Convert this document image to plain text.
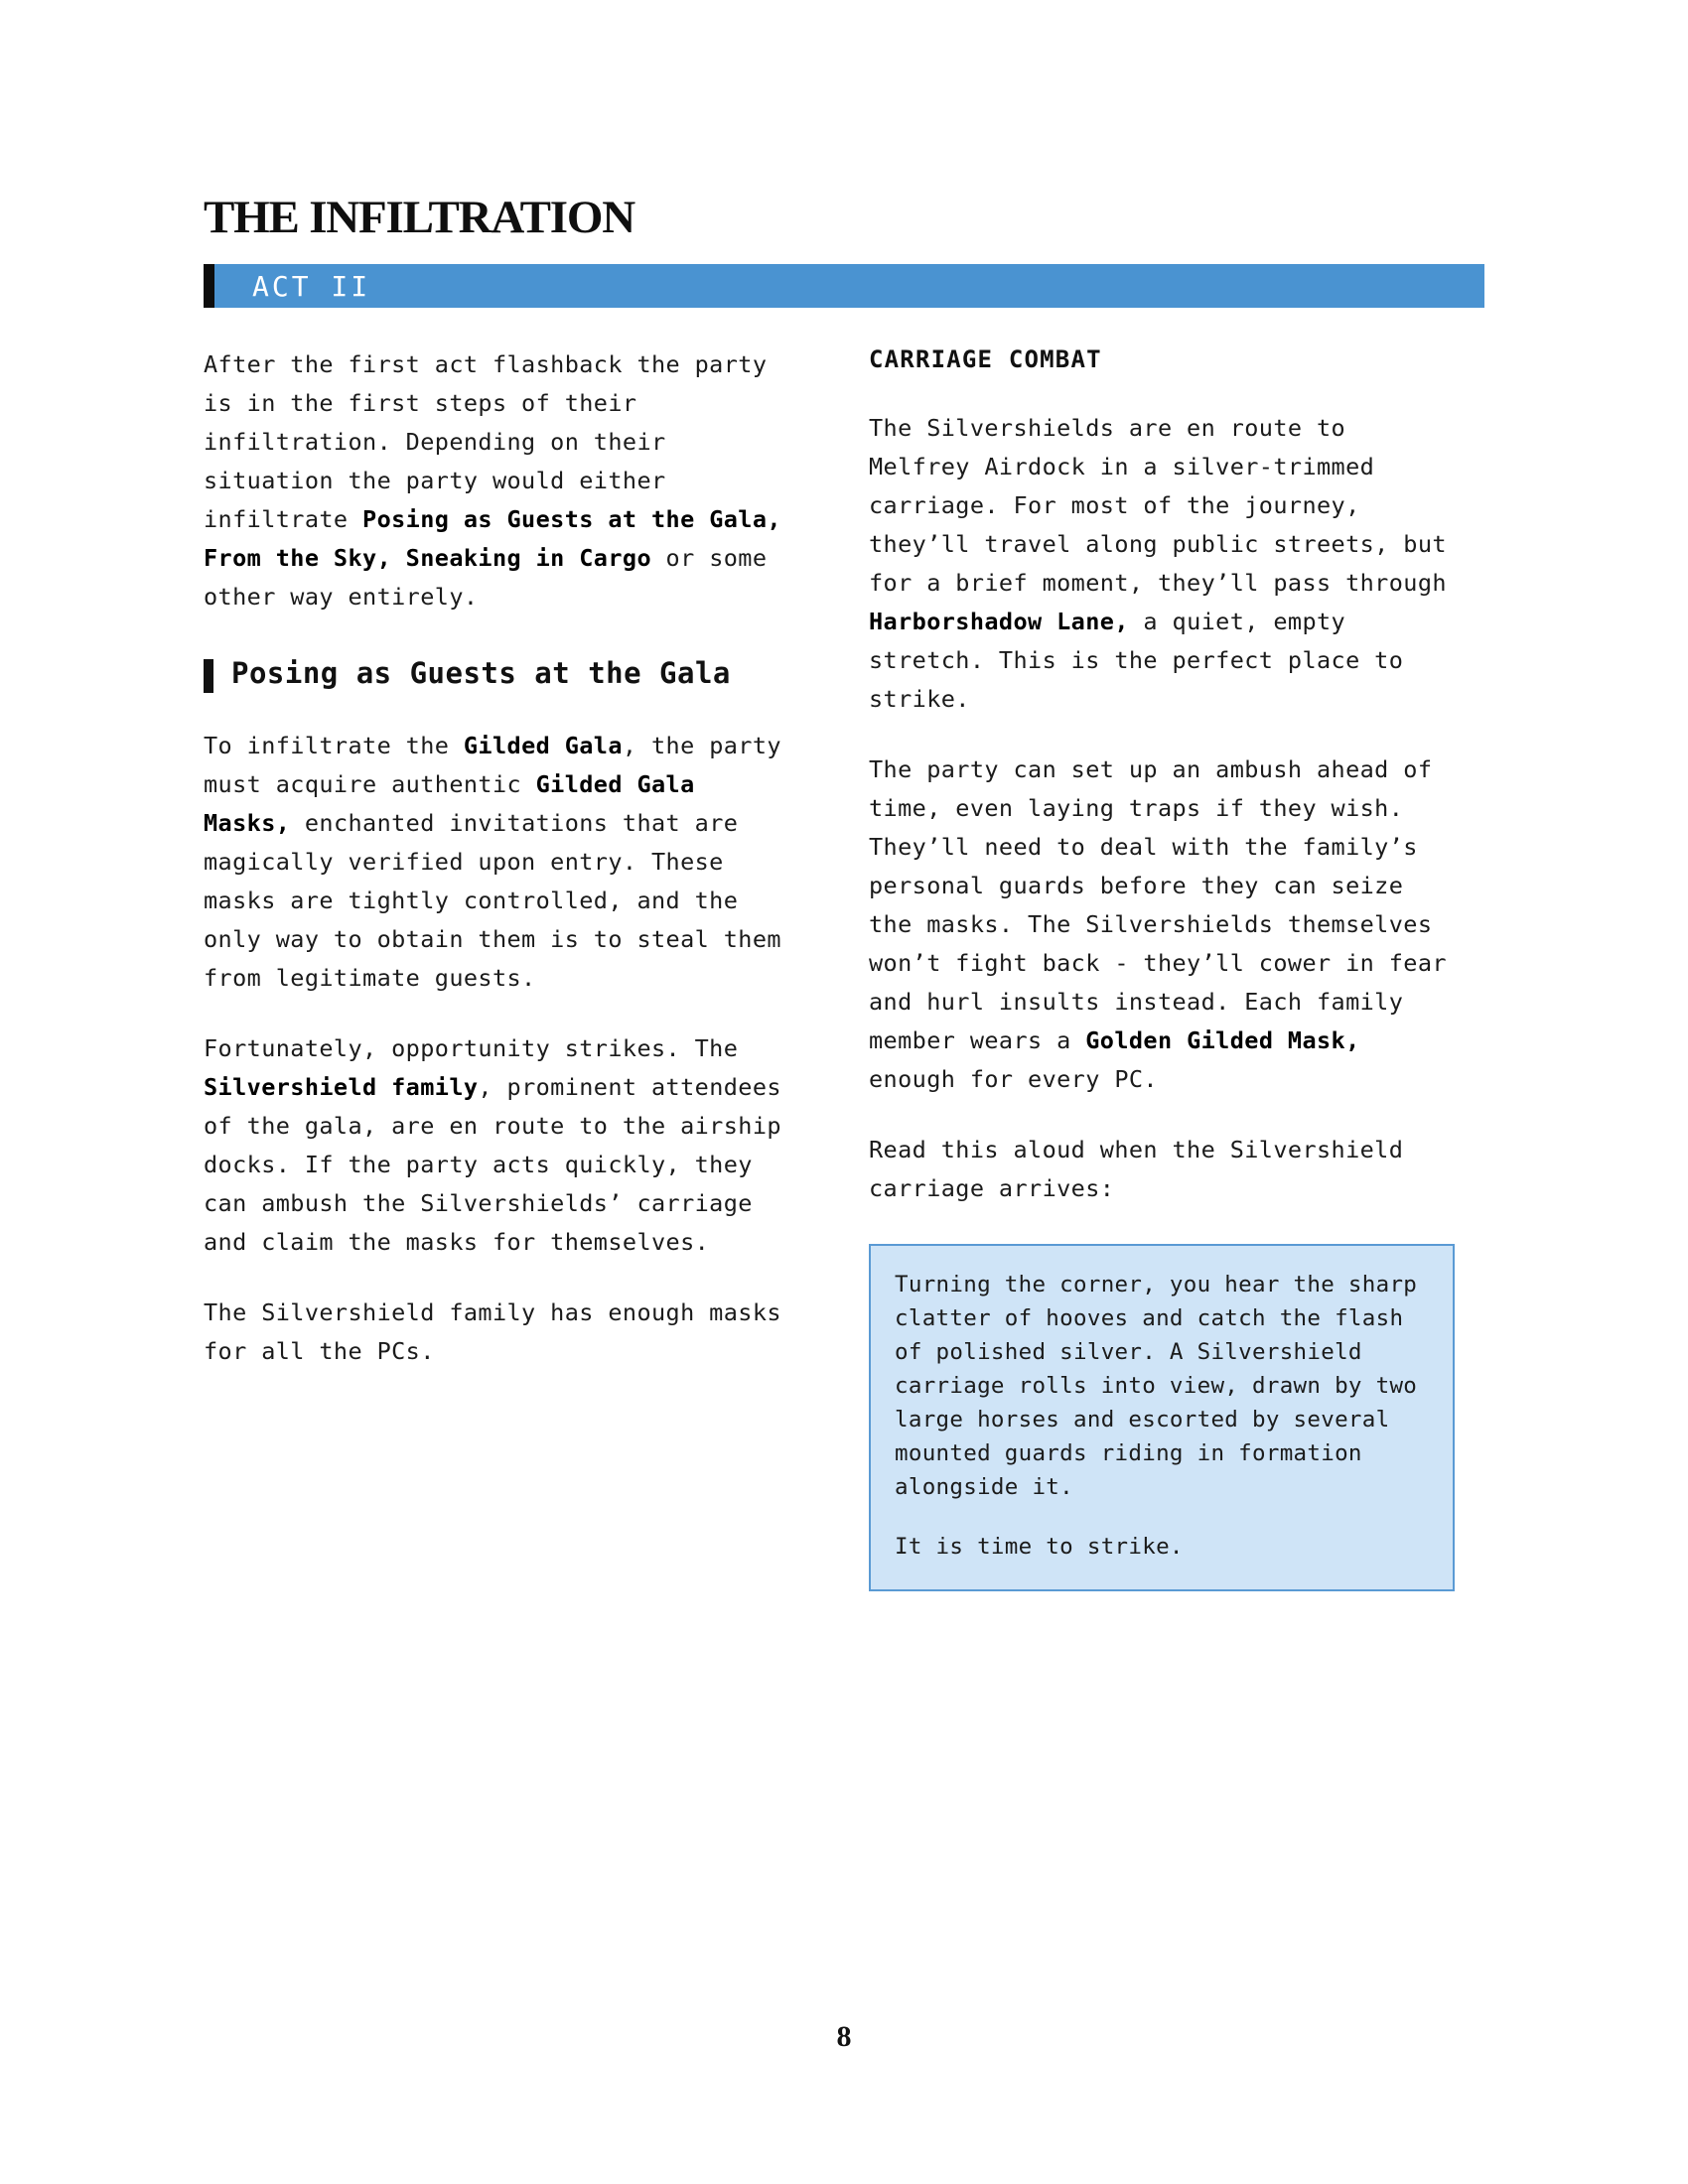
THE INFILTRATION
ACT II

After the first act flashback the party is in the first steps of their infiltration. Depending on their situation the party would either infiltrate Posing as Guests at the Gala, From the Sky, Sneaking in Cargo or some other way entirely.

Posing as Guests at the Gala

To infiltrate the Gilded Gala, the party must acquire authentic Gilded Gala Masks, enchanted invitations that are magically verified upon entry. These masks are tightly controlled, and the only way to obtain them is to steal them from legitimate guests.

Fortunately, opportunity strikes. The Silvershield family, prominent attendees of the gala, are en route to the airship docks. If the party acts quickly, they can ambush the Silvershields’ carriage and claim the masks for themselves.

The Silvershield family has enough masks for all the PCs.

CARRIAGE COMBAT

The Silvershields are en route to Melfrey Airdock in a silver-trimmed carriage. For most of the journey, they’ll travel along public streets, but for a brief moment, they’ll pass through Harborshadow Lane, a quiet, empty stretch. This is the perfect place to strike.

The party can set up an ambush ahead of time, even laying traps if they wish. They’ll need to deal with the family’s personal guards before they can seize the masks. The Silvershields themselves won’t fight back - they’ll cower in fear and hurl insults instead. Each family member wears a Golden Gilded Mask, enough for every PC.

Read this aloud when the Silvershield carriage arrives:

Turning the corner, you hear the sharp clatter of hooves and catch the flash of polished silver. A Silvershield carriage rolls into view, drawn by two large horses and escorted by several mounted guards riding in formation alongside it.

It is time to strike.

8
